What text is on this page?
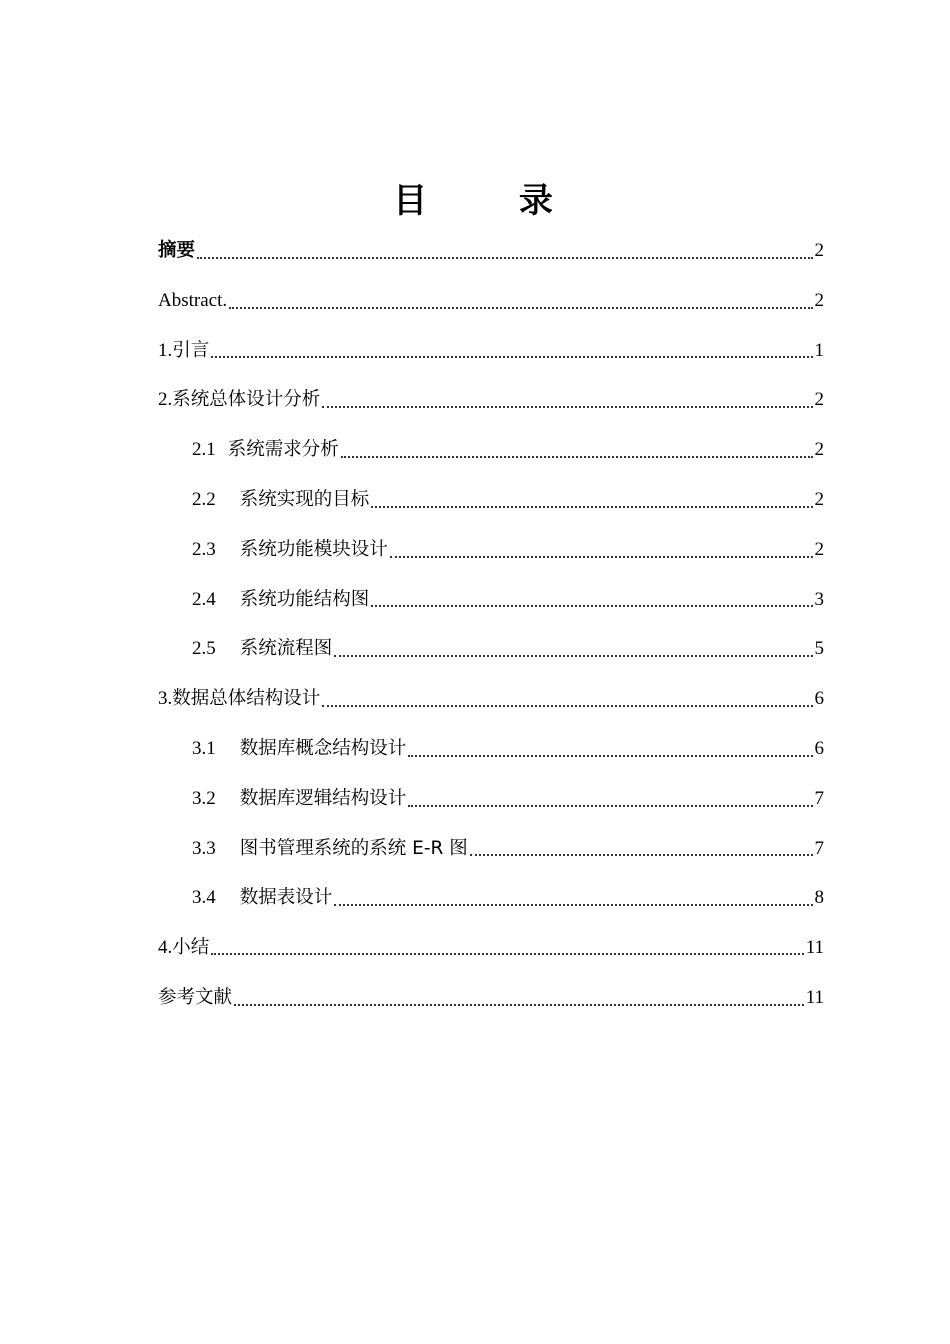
目 录
摘要	2
Abstract.	2
1. 引言	1
2. 系统总体设计分析	2
2.1 系统需求分析	2
2.2 系统实现的目标	2
2.3 系统功能模块设计	2
2.4 系统功能结构图	3
2.5 系统流程图	5
3. 数据总体结构设计	6
3.1 数据库概念结构设计	6
3.2 数据库逻辑结构设计	7
3.3 图书管理系统的系统 E-R 图	7
3.4 数据表设计	8
4. 小结	11
参考文献	11
